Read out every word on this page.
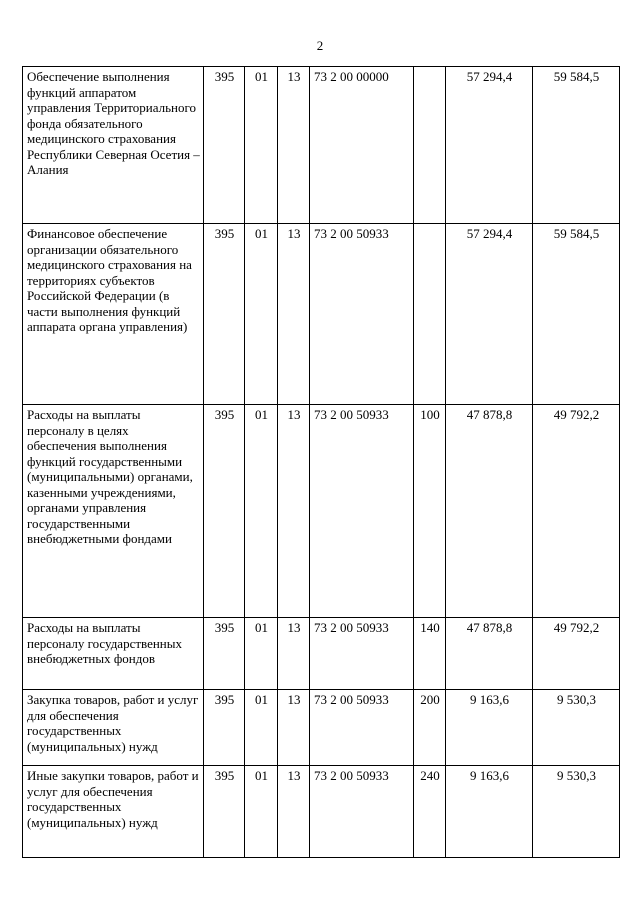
2
Обеспечение выполнения функций аппаратом управления Территориального фонда обязательного медицинского страхования Республики Северная Осетия – Алания	395	01	13	73 2 00 00000		57 294,4	59 584,5
Финансовое обеспечение организации обязательного медицинского страхования на территориях субъектов Российской Федерации (в части выполнения функций аппарата органа управления)	395	01	13	73 2 00 50933		57 294,4	59 584,5
Расходы на выплаты персоналу в целях обеспечения выполнения функций государственными (муниципальными) органами, казенными учреждениями, органами управления государственными внебюджетными фондами	395	01	13	73 2 00 50933	100	47 878,8	49 792,2
Расходы на выплаты персоналу государственных внебюджетных фондов	395	01	13	73 2 00 50933	140	47 878,8	49 792,2
Закупка товаров, работ и услуг для обеспечения государственных (муниципальных) нужд	395	01	13	73 2 00 50933	200	9 163,6	9 530,3
Иные закупки товаров, работ и услуг для обеспечения государственных (муниципальных) нужд	395	01	13	73 2 00 50933	240	9 163,6	9 530,3
